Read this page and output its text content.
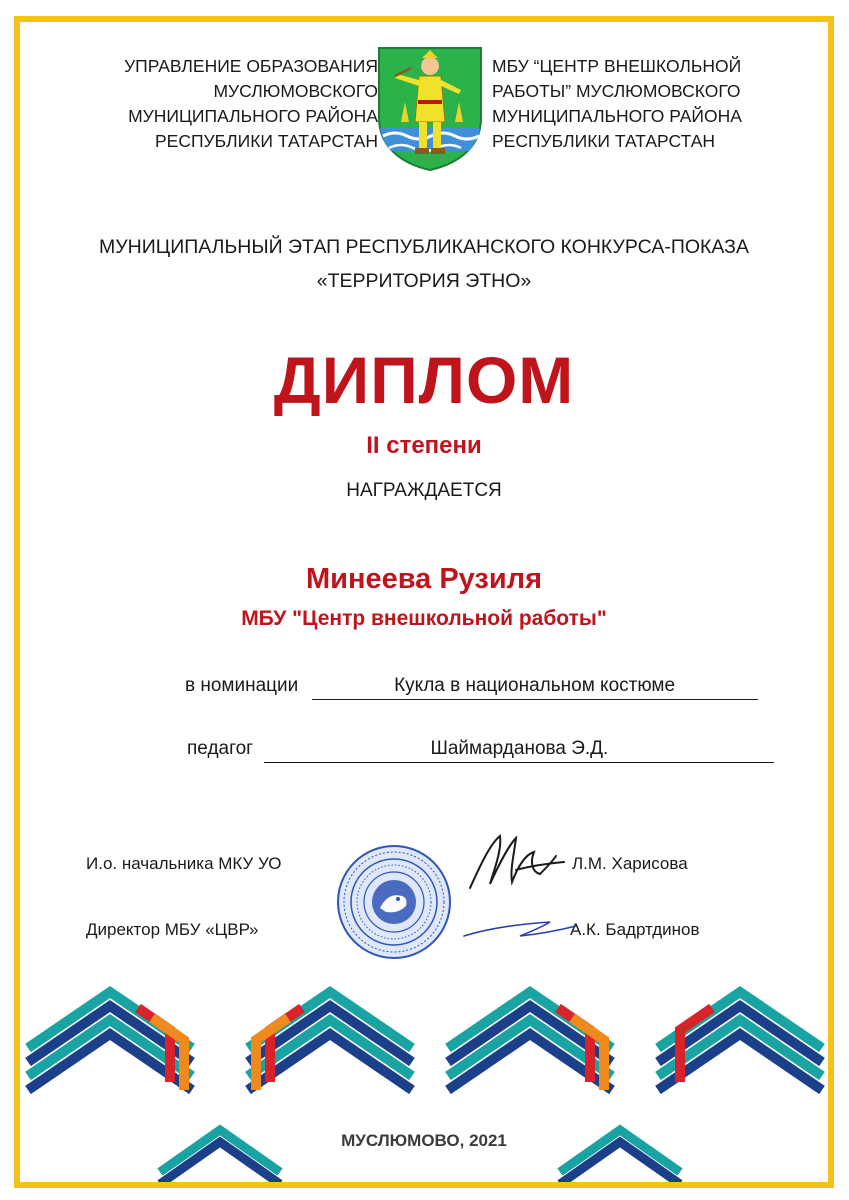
УПРАВЛЕНИЕ ОБРАЗОВАНИЯ
МУСЛЮМОВСКОГО
МУНИЦИПАЛЬНОГО РАЙОНА
РЕСПУБЛИКИ ТАТАРСТАН
МБУ “ЦЕНТР ВНЕШКОЛЬНОЙ
РАБОТЫ” МУСЛЮМОВСКОГО
МУНИЦИПАЛЬНОГО РАЙОНА
РЕСПУБЛИКИ ТАТАРСТАН
МУНИЦИПАЛЬНЫЙ ЭТАП РЕСПУБЛИКАНСКОГО КОНКУРСА-ПОКАЗА
«ТЕРРИТОРИЯ ЭТНО»
ДИПЛОМ
II степени
НАГРАЖДАЕТСЯ
Минеева Рузиля
МБУ "Центр внешкольной работы"
в номинации	Кукла в национальном костюме
педагог	Шаймарданова Э.Д.
И.о. начальника МКУ УО	Л.М. Харисова
Директор МБУ «ЦВР»	А.К. Бадртдинов
МУСЛЮМОВО, 2021
